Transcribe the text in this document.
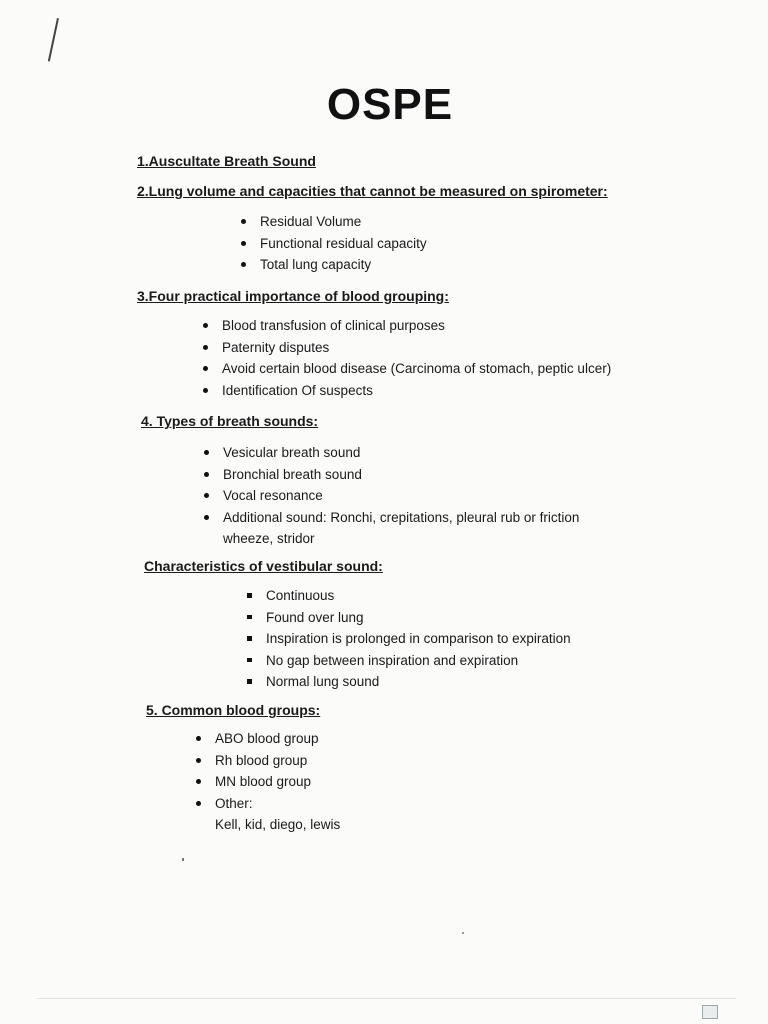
OSPE
1.Auscultate Breath Sound
2.Lung volume and capacities that cannot be measured on spirometer:
Residual Volume
Functional residual capacity
Total lung capacity
3.Four practical importance of blood grouping:
Blood transfusion of clinical purposes
Paternity disputes
Avoid certain blood disease (Carcinoma of stomach, peptic ulcer)
Identification Of suspects
4. Types of breath sounds:
Vesicular breath sound
Bronchial breath sound
Vocal resonance
Additional sound: Ronchi, crepitations, pleural rub or friction
wheeze, stridor
Characteristics of vestibular sound:
Continuous
Found over lung
Inspiration is prolonged in comparison to expiration
No gap between inspiration and expiration
Normal lung sound
5. Common blood groups:
ABO blood group
Rh blood group
MN blood group
Other:
Kell, kid, diego, lewis
